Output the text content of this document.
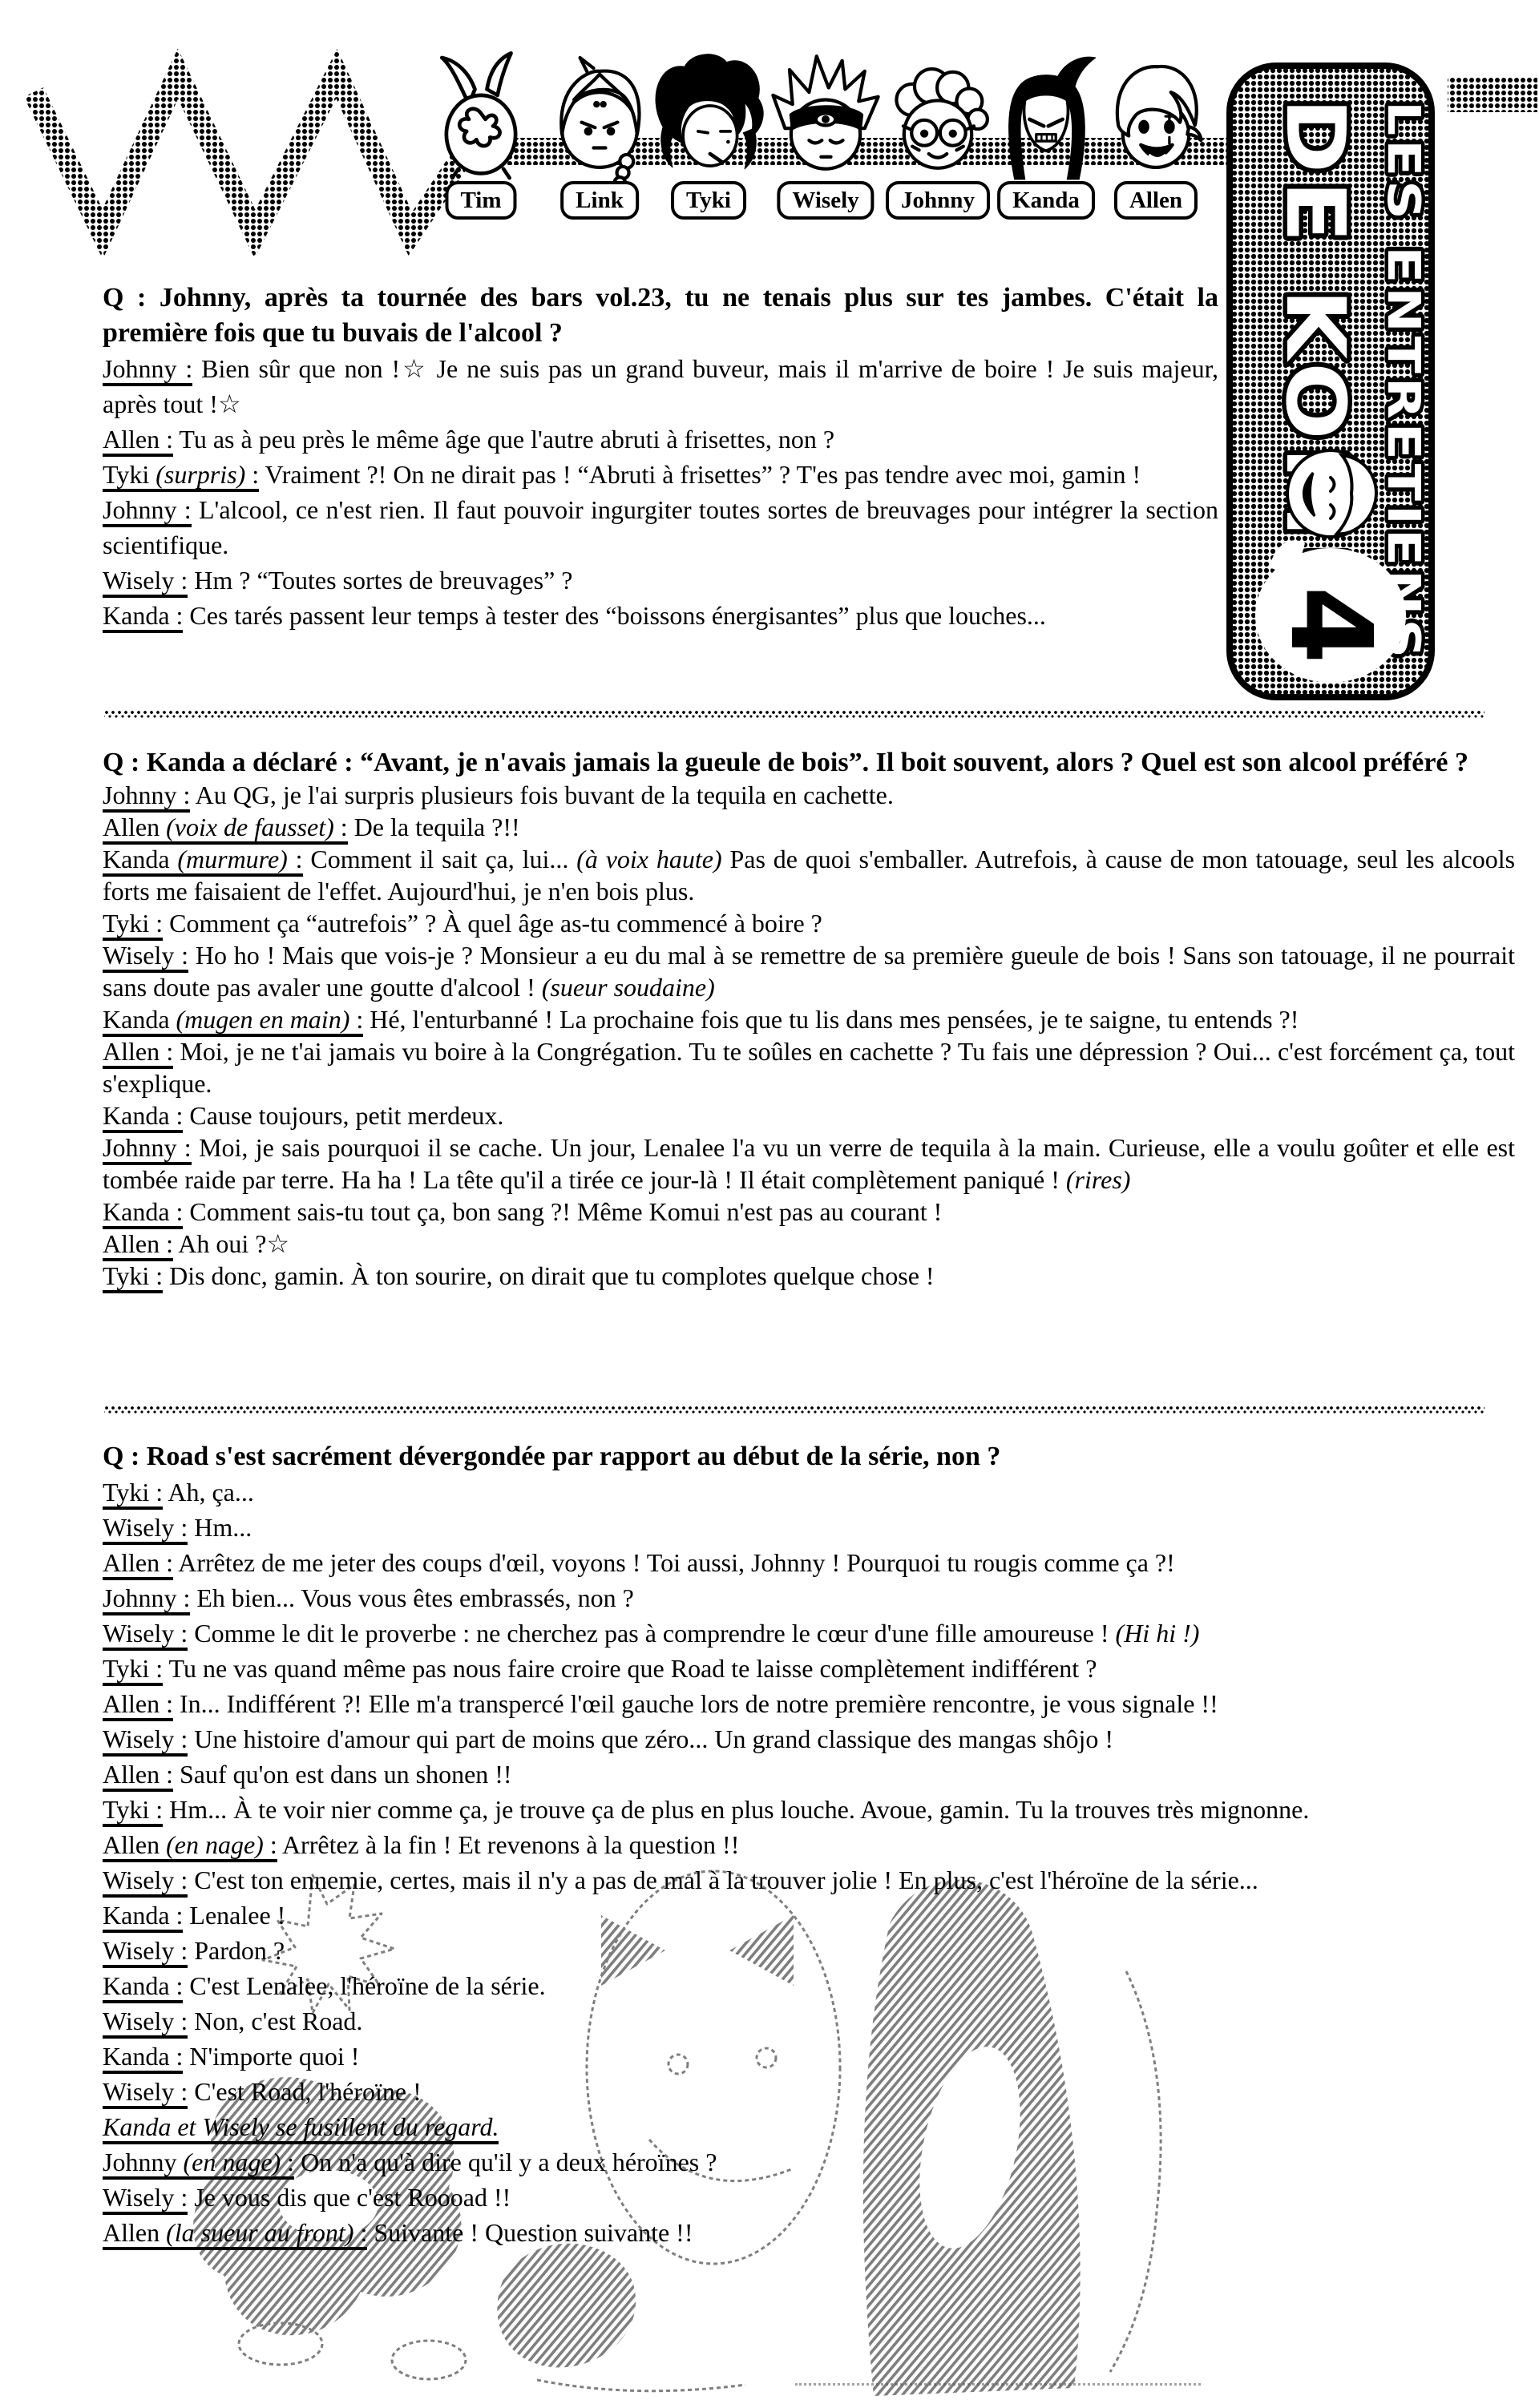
Tim	Link	Tyki	Wisely	Johnny	Kanda	Allen	LES ENTRETIENS
DE KOMUI
4

Q : Johnny, après ta tournée des bars vol.23, tu ne tenais plus sur tes jambes. C'était la première fois que tu buvais de l'alcool ?

Johnny : Bien sûr que non !☆ Je ne suis pas un grand buveur, mais il m'arrive de boire ! Je suis majeur, après tout !☆

Allen : Tu as à peu près le même âge que l'autre abruti à frisettes, non ?

Tyki (surpris) : Vraiment ?! On ne dirait pas ! “Abruti à frisettes” ? T'es pas tendre avec moi, gamin !

Johnny : L'alcool, ce n'est rien. Il faut pouvoir ingurgiter toutes sortes de breuvages pour intégrer la section scientifique.

Wisely : Hm ? “Toutes sortes de breuvages” ?

Kanda : Ces tarés passent leur temps à tester des “boissons énergisantes” plus que louches...

Q : Kanda a déclaré : “Avant, je n'avais jamais la gueule de bois”. Il boit souvent, alors ? Quel est son alcool préféré ?

Johnny : Au QG, je l'ai surpris plusieurs fois buvant de la tequila en cachette.

Allen (voix de fausset) : De la tequila ?!!

Kanda (murmure) : Comment il sait ça, lui... (à voix haute) Pas de quoi s'emballer. Autrefois, à cause de mon tatouage, seul les alcools forts me faisaient de l'effet. Aujourd'hui, je n'en bois plus.

Tyki : Comment ça “autrefois” ? À quel âge as-tu commencé à boire ?

Wisely : Ho ho ! Mais que vois-je ? Monsieur a eu du mal à se remettre de sa première gueule de bois ! Sans son tatouage, il ne pourrait sans doute pas avaler une goutte d'alcool ! (sueur soudaine)

Kanda (mugen en main) : Hé, l'enturbanné ! La prochaine fois que tu lis dans mes pensées, je te saigne, tu entends ?!

Allen : Moi, je ne t'ai jamais vu boire à la Congrégation. Tu te soûles en cachette ? Tu fais une dépression ? Oui... c'est forcément ça, tout s'explique.

Kanda : Cause toujours, petit merdeux.

Johnny : Moi, je sais pourquoi il se cache. Un jour, Lenalee l'a vu un verre de tequila à la main. Curieuse, elle a voulu goûter et elle est tombée raide par terre. Ha ha ! La tête qu'il a tirée ce jour-là ! Il était complètement paniqué ! (rires)

Kanda : Comment sais-tu tout ça, bon sang ?! Même Komui n'est pas au courant !

Allen : Ah oui ?☆

Tyki : Dis donc, gamin. À ton sourire, on dirait que tu complotes quelque chose !

Q : Road s'est sacrément dévergondée par rapport au début de la série, non ?

Tyki : Ah, ça...

Wisely : Hm...

Allen : Arrêtez de me jeter des coups d'œil, voyons ! Toi aussi, Johnny ! Pourquoi tu rougis comme ça ?!

Johnny : Eh bien... Vous vous êtes embrassés, non ?

Wisely : Comme le dit le proverbe : ne cherchez pas à comprendre le cœur d'une fille amoureuse ! (Hi hi !)

Tyki : Tu ne vas quand même pas nous faire croire que Road te laisse complètement indifférent ?

Allen : In... Indifférent ?! Elle m'a transpercé l'œil gauche lors de notre première rencontre, je vous signale !!

Wisely : Une histoire d'amour qui part de moins que zéro... Un grand classique des mangas shôjo !

Allen : Sauf qu'on est dans un shonen !!

Tyki : Hm... À te voir nier comme ça, je trouve ça de plus en plus louche. Avoue, gamin. Tu la trouves très mignonne.

Allen (en nage) : Arrêtez à la fin ! Et revenons à la question !!

Wisely : C'est ton ennemie, certes, mais il n'y a pas de mal à la trouver jolie ! En plus, c'est l'héroïne de la série...

Kanda : Lenalee !

Wisely : Pardon ?

Kanda : C'est Lenalee, l'héroïne de la série.

Wisely : Non, c'est Road.

Kanda : N'importe quoi !

Wisely : C'est Road, l'héroïne !

Kanda et Wisely se fusillent du regard.

Johnny (en nage) : On n'a qu'à dire qu'il y a deux héroïnes ?

Wisely : Je vous dis que c'est Roooad !!

Allen (la sueur au front) : Suivante ! Question suivante !!
